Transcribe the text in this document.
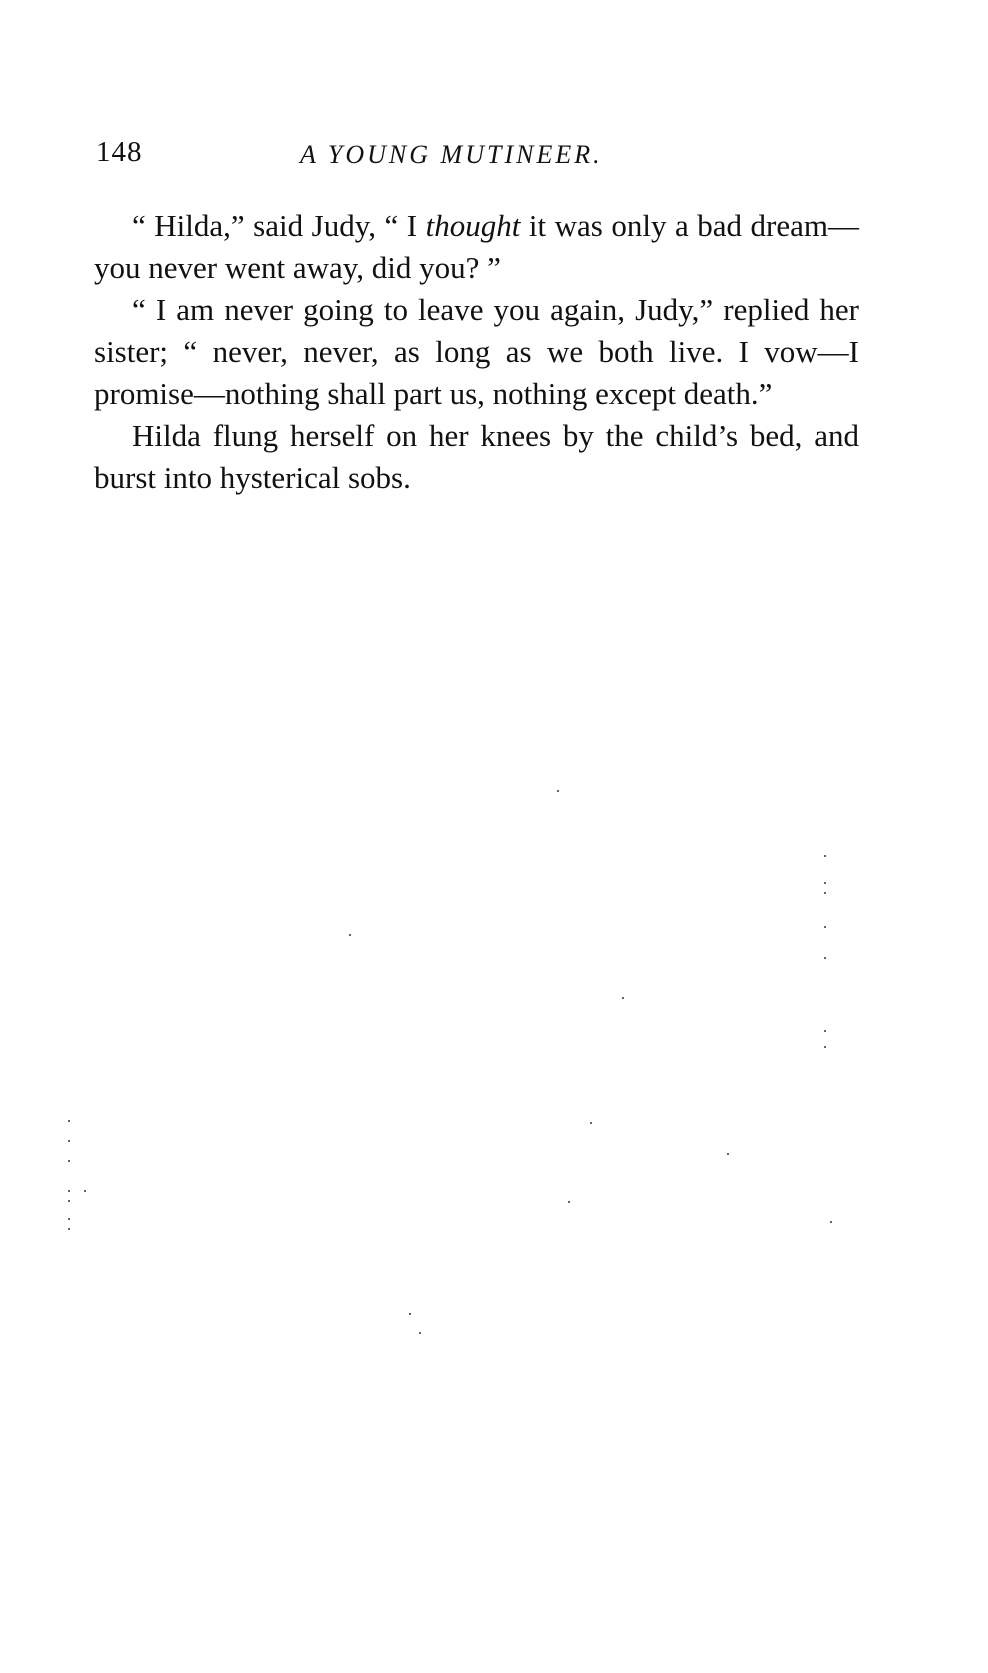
148	A YOUNG MUTINEER.

“ Hilda,” said Judy, “ I thought it was only a bad dream—you never went away, did you? ”

“ I am never going to leave you again, Judy,” replied her sister; “ never, never, as long as we both live. I vow—I promise—nothing shall part us, nothing except death.”

Hilda flung herself on her knees by the child’s bed, and burst into hysterical sobs.
